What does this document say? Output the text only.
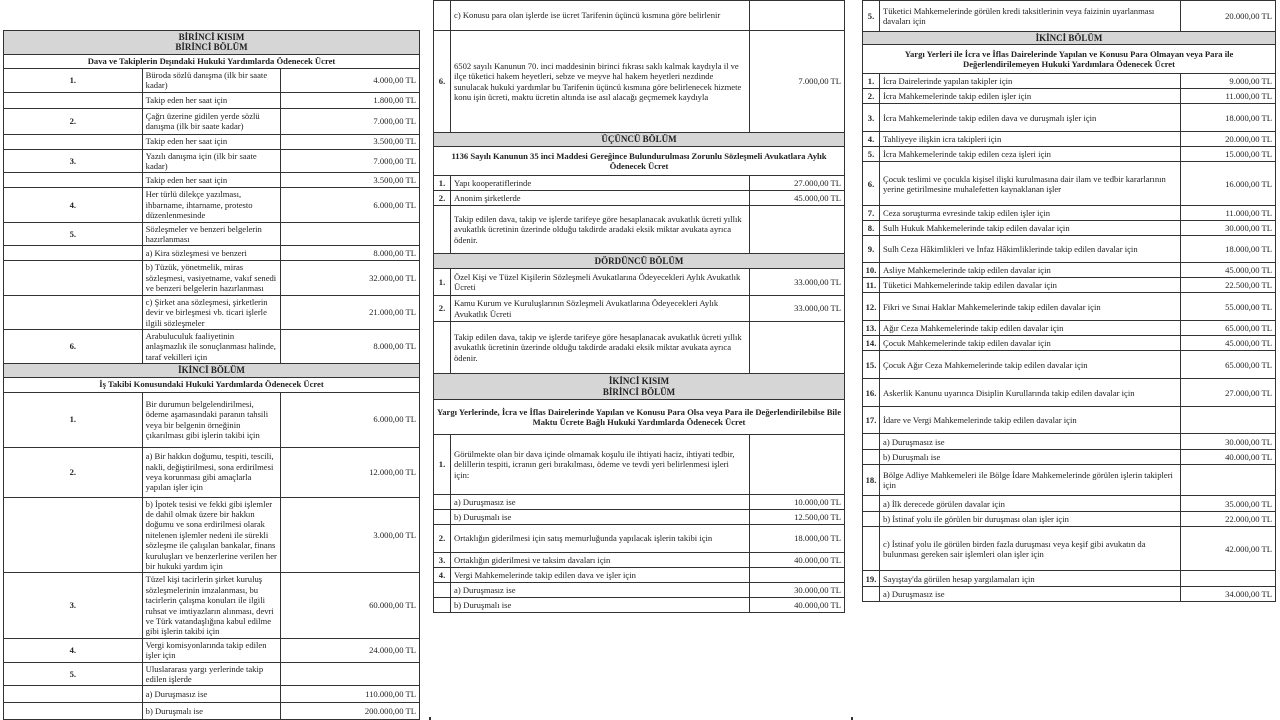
BİRİNCİ KISIM
BİRİNCİ BÖLÜM		
Dava ve Takiplerin Dışındaki Hukuki Yardımlarda Ödenecek Ücret		
1.	Büroda sözlü danışma (ilk bir saate kadar)	4.000,00 TL
	Takip eden her saat için	1.800,00 TL
2.	Çağrı üzerine gidilen yerde sözlü danışma (ilk bir saate kadar)	7.000,00 TL
	Takip eden her saat için	3.500,00 TL
3.	Yazılı danışma için (ilk bir saate kadar)	7.000,00 TL
	Takip eden her saat için	3.500,00 TL
4.	Her türlü dilekçe yazılması, ihbarname, ihtarname, protesto düzenlenmesinde	6.000,00 TL
5.	Sözleşmeler ve benzeri belgelerin hazırlanması	
	a) Kira sözleşmesi ve benzeri	8.000,00 TL
	b) Tüzük, yönetmelik, miras sözleşmesi, vasiyetname, vakıf senedi ve benzeri belgelerin hazırlanması	32.000,00 TL
	c) Şirket ana sözleşmesi, şirketlerin devir ve birleşmesi vb. ticari işlerle ilgili sözleşmeler	21.000,00 TL
6.	Arabuluculuk faaliyetinin anlaşmazlık ile sonuçlanması halinde, taraf vekilleri için	8.000,00 TL
İKİNCİ BÖLÜM		
İş Takibi Konusundaki Hukuki Yardımlarda Ödenecek Ücret		
1.	Bir durumun belgelendirilmesi, ödeme aşamasındaki paranın tahsili veya bir belgenin örneğinin çıkarılması gibi işlerin takibi için	6.000,00 TL
2.	a) Bir hakkın doğumu, tespiti, tescili, nakli, değiştirilmesi, sona erdirilmesi veya korunması gibi amaçlarla yapılan işler için	12.000,00 TL
	b) İpotek tesisi ve fekki gibi işlemler de dahil olmak üzere bir hakkın doğumu ve sona erdirilmesi olarak nitelenen işlemler nedeni ile sürekli sözleşme ile çalışılan bankalar, finans kuruluşları ve benzerlerine verilen her bir hukuki yardım için	3.000,00 TL
3.	Tüzel kişi tacirlerin şirket kuruluş sözleşmelerinin imzalanması, bu tacirlerin çalışma konuları ile ilgili ruhsat ve imtiyazların alınması, devri ve Türk vatandaşlığına kabul edilme gibi işlerin takibi için	60.000,00 TL
4.	Vergi komisyonlarında takip edilen işler için	24.000,00 TL
5.	Uluslararası yargı yerlerinde takip edilen işlerde	
	a) Duruşmasız ise	110.000,00 TL
	b) Duruşmalı ise	200.000,00 TL
	c) Konusu para olan işlerde ise ücret Tarifenin üçüncü kısmına göre belirlenir	
6.	6502 sayılı Kanunun 70. inci maddesinin birinci fıkrası saklı kalmak kaydıyla il ve ilçe tüketici hakem heyetleri, sebze ve meyve hal hakem heyetleri nezdinde sunulacak hukuki yardımlar bu Tarifenin üçüncü kısmına göre belirlenecek hizmete konu işin ücreti, maktu ücretin altında ise asıl alacağı geçmemek kaydıyla	7.000,00 TL
ÜÇÜNCÜ BÖLÜM		
1136 Sayılı Kanunun 35 inci Maddesi Gereğince Bulundurulması Zorunlu Sözleşmeli Avukatlara Aylık Ödenecek Ücret		
1.	Yapı kooperatiflerinde	27.000,00 TL
2.	Anonim şirketlerde	45.000,00 TL
	Takip edilen dava, takip ve işlerde tarifeye göre hesaplanacak avukatlık ücreti yıllık avukatlık ücretinin üzerinde olduğu takdirde aradaki eksik miktar avukata ayrıca ödenir.	
DÖRDÜNCÜ BÖLÜM		
1.	Özel Kişi ve Tüzel Kişilerin Sözleşmeli Avukatlarına Ödeyecekleri Aylık Avukatlık Ücreti	33.000,00 TL
2.	Kamu Kurum ve Kuruluşlarının Sözleşmeli Avukatlarına Ödeyecekleri Aylık Avukatlık Ücreti	33.000,00 TL
	Takip edilen dava, takip ve işlerde tarifeye göre hesaplanacak avukatlık ücreti yıllık avukatlık ücretinin üzerinde olduğu takdirde aradaki eksik miktar avukata ayrıca ödenir.	
İKİNCİ KISIM
BİRİNCİ BÖLÜM		
Yargı Yerlerinde, İcra ve İflas Dairelerinde Yapılan ve Konusu Para Olsa veya Para ile Değerlendirilebilse Bile Maktu Ücrete Bağlı Hukuki Yardımlarda Ödenecek Ücret		
1.	Görülmekte olan bir dava içinde olmamak koşulu ile ihtiyati haciz, ihtiyati tedbir, delillerin tespiti, icranın geri bırakılması, ödeme ve tevdi yeri belirlenmesi işleri için:	
	a) Duruşmasız ise	10.000,00 TL
	b) Duruşmalı ise	12.500,00 TL
2.	Ortaklığın giderilmesi için satış memurluğunda yapılacak işlerin takibi için	18.000,00 TL
3.	Ortaklığın giderilmesi ve taksim davaları için	40.000,00 TL
4.	Vergi Mahkemelerinde takip edilen dava ve işler için	
	a) Duruşmasız ise	30.000,00 TL
	b) Duruşmalı ise	40.000,00 TL
5.	Tüketici Mahkemelerinde görülen kredi taksitlerinin veya faizinin uyarlanması davaları için	20.000,00 TL
İKİNCİ BÖLÜM		
Yargı Yerleri ile İcra ve İflas Dairelerinde Yapılan ve Konusu Para Olmayan veya Para ile Değerlendirilemeyen Hukuki Yardımlara Ödenecek Ücret		
1.	İcra Dairelerinde yapılan takipler için	9.000,00 TL
2.	İcra Mahkemelerinde takip edilen işler için	11.000,00 TL
3.	İcra Mahkemelerinde takip edilen dava ve duruşmalı işler için	18.000,00 TL
4.	Tahliyeye ilişkin icra takipleri için	20.000,00 TL
5.	İcra Mahkemelerinde takip edilen ceza işleri için	15.000,00 TL
6.	Çocuk teslimi ve çocukla kişisel ilişki kurulmasına dair ilam ve tedbir kararlarının yerine getirilmesine muhalefetten kaynaklanan işler	16.000,00 TL
7.	Ceza soruşturma evresinde takip edilen işler için	11.000,00 TL
8.	Sulh Hukuk Mahkemelerinde takip edilen davalar için	30.000,00 TL
9.	Sulh Ceza Hâkimlikleri ve İnfaz Hâkimliklerinde takip edilen davalar için	18.000,00 TL
10.	Asliye Mahkemelerinde takip edilen davalar için	45.000,00 TL
11.	Tüketici Mahkemelerinde takip edilen davalar için	22.500,00 TL
12.	Fikri ve Sınai Haklar Mahkemelerinde takip edilen davalar için	55.000,00 TL
13.	Ağır Ceza Mahkemelerinde takip edilen davalar için	65.000,00 TL
14.	Çocuk Mahkemelerinde takip edilen davalar için	45.000,00 TL
15.	Çocuk Ağır Ceza Mahkemelerinde takip edilen davalar için	65.000,00 TL
16.	Askerlik Kanunu uyarınca Disiplin Kurullarında takip edilen davalar için	27.000,00 TL
17.	İdare ve Vergi Mahkemelerinde takip edilen davalar için	
	a) Duruşmasız ise	30.000,00 TL
	b) Duruşmalı ise	40.000,00 TL
18.	Bölge Adliye Mahkemeleri ile Bölge İdare Mahkemelerinde görülen işlerin takipleri için	
	a) İlk derecede görülen davalar için	35.000,00 TL
	b) İstinaf yolu ile görülen bir duruşması olan işler için	22.000,00 TL
	c) İstinaf yolu ile görülen birden fazla duruşması veya keşif gibi avukatın da bulunması gereken sair işlemleri olan işler için	42.000,00 TL
19.	Sayıştay'da görülen hesap yargılamaları için	
	a) Duruşmasız ise	34.000,00 TL
